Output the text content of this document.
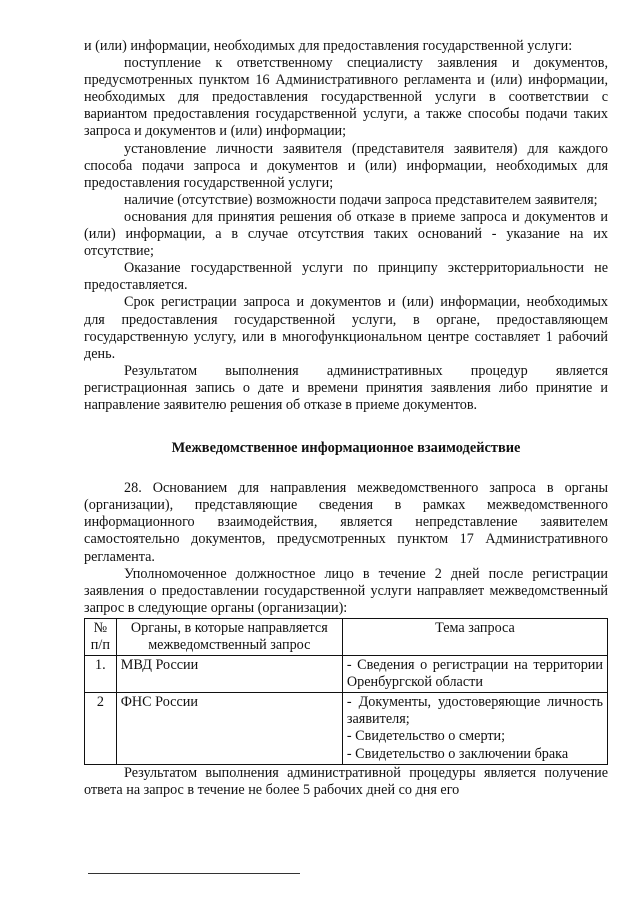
и (или) информации, необходимых для предоставления государственной услуги:

поступление к ответственному специалисту заявления и документов, предусмотренных пунктом 16 Административного регламента и (или) информации, необходимых для предоставления государственной услуги в соответствии с вариантом предоставления государственной услуги, а также способы подачи таких запроса и документов и (или) информации;

установление личности заявителя (представителя заявителя) для каждого способа подачи запроса и документов и (или) информации, необходимых для предоставления государственной услуги;

наличие (отсутствие) возможности подачи запроса представителем заявителя;

основания для принятия решения об отказе в приеме запроса и документов и (или) информации, а в случае отсутствия таких оснований - указание на их отсутствие;

Оказание государственной услуги по принципу экстерриториальности не предоставляется.

Срок регистрации запроса и документов и (или) информации, необходимых для предоставления государственной услуги, в органе, предоставляющем государственную услугу, или в многофункциональном центре составляет 1 рабочий день.

Результатом выполнения административных процедур является регистрационная запись о дате и времени принятия заявления либо принятие и направление заявителю решения об отказе в приеме документов.

Межведомственное информационное взаимодействие

28. Основанием для направления межведомственного запроса в органы (организации), представляющие сведения в рамках межведомственного информационного взаимодействия, является непредставление заявителем самостоятельно документов, предусмотренных пунктом 17 Административного регламента.

Уполномоченное должностное лицо в течение 2 дней после регистрации заявления о предоставлении государственной услуги направляет межведомственный запрос в следующие органы (организации):

№
п/п	Органы, в которые направляется межведомственный запрос	Тема запроса
1.	МВД России	- Сведения о регистрации на территории Оренбургской области

2	ФНС России	- Документы, удостоверяющие личность заявителя;
- Свидетельство о смерти;
- Свидетельство о заключении брака

Результатом выполнения административной процедуры является получение ответа на запрос в течение не более 5 рабочих дней со дня его
